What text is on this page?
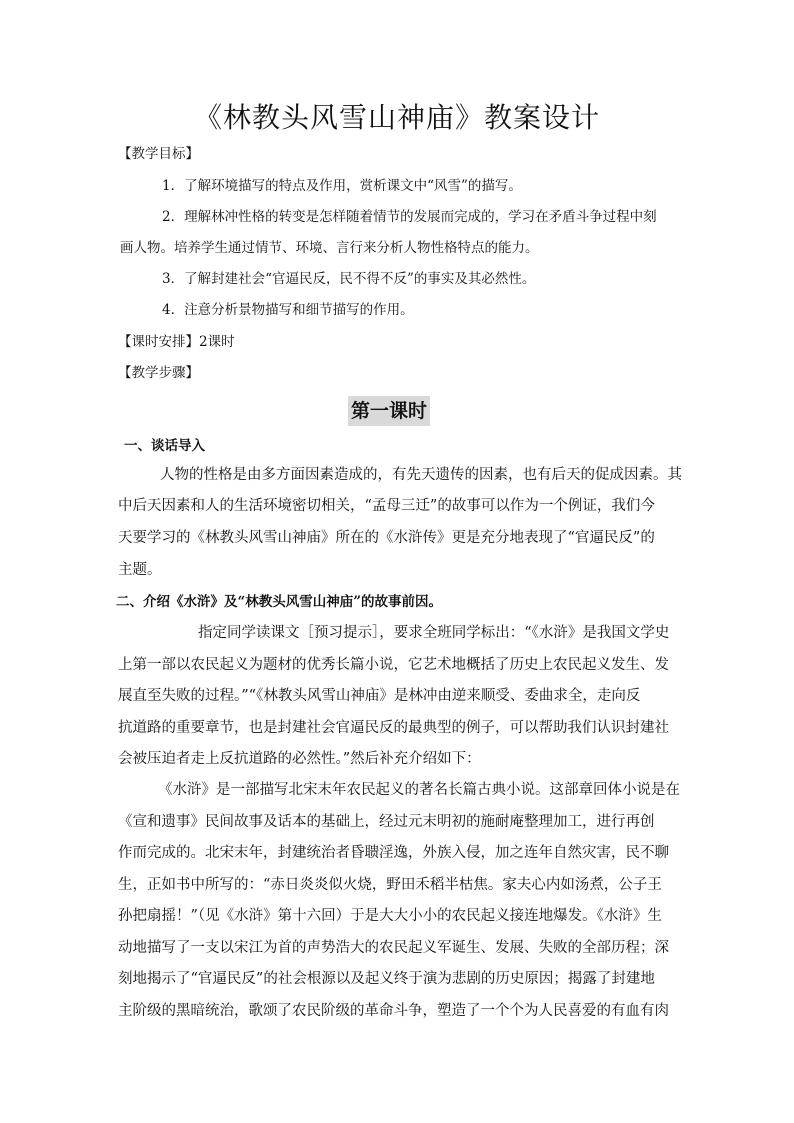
《林教头风雪山神庙》教案设计
【教学目标】
1．了解环境描写的特点及作用，赏析课文中“风雪”的描写。
2．理解林冲性格的转变是怎样随着情节的发展而完成的，学习在矛盾斗争过程中刻
画人物。培养学生通过情节、环境、言行来分析人物性格特点的能力。
3．了解封建社会“官逼民反，民不得不反”的事实及其必然性。
4．注意分析景物描写和细节描写的作用。
【课时安排】2课时
【教学步骤】
第一课时
一、谈话导入
人物的性格是由多方面因素造成的，有先天遗传的因素，也有后天的促成因素。其
中后天因素和人的生活环境密切相关，“孟母三迁”的故事可以作为一个例证，我们今
天要学习的《林教头风雪山神庙》所在的《水浒传》更是充分地表现了“官逼民反”的
主题。
二、介绍《水浒》及“林教头风雪山神庙”的故事前因。
指定同学读课文［预习提示］，要求全班同学标出：“《水浒》是我国文学史
上第一部以农民起义为题材的优秀长篇小说，它艺术地概括了历史上农民起义发生、发
展直至失败的过程。”“《林教头风雪山神庙》是林冲由逆来顺受、委曲求全，走向反
抗道路的重要章节，也是封建社会官逼民反的最典型的例子，可以帮助我们认识封建社
会被压迫者走上反抗道路的必然性。”然后补充介绍如下：
《水浒》是一部描写北宋末年农民起义的著名长篇古典小说。这部章回体小说是在
《宣和遗事》民间故事及话本的基础上，经过元末明初的施耐庵整理加工，进行再创
作而完成的。北宋末年，封建统治者昏聩淫逸，外族入侵，加之连年自然灾害，民不聊
生，正如书中所写的：“赤日炎炎似火烧，野田禾稻半枯焦。家夫心内如汤煮，公子王
孙把扇摇！”（见《水浒》第十六回）于是大大小小的农民起义接连地爆发。《水浒》生
动地描写了一支以宋江为首的声势浩大的农民起义军诞生、发展、失败的全部历程；深
刻地揭示了“官逼民反”的社会根源以及起义终于演为悲剧的历史原因；揭露了封建地
主阶级的黑暗统治，歌颂了农民阶级的革命斗争，塑造了一个个为人民喜爱的有血有肉
